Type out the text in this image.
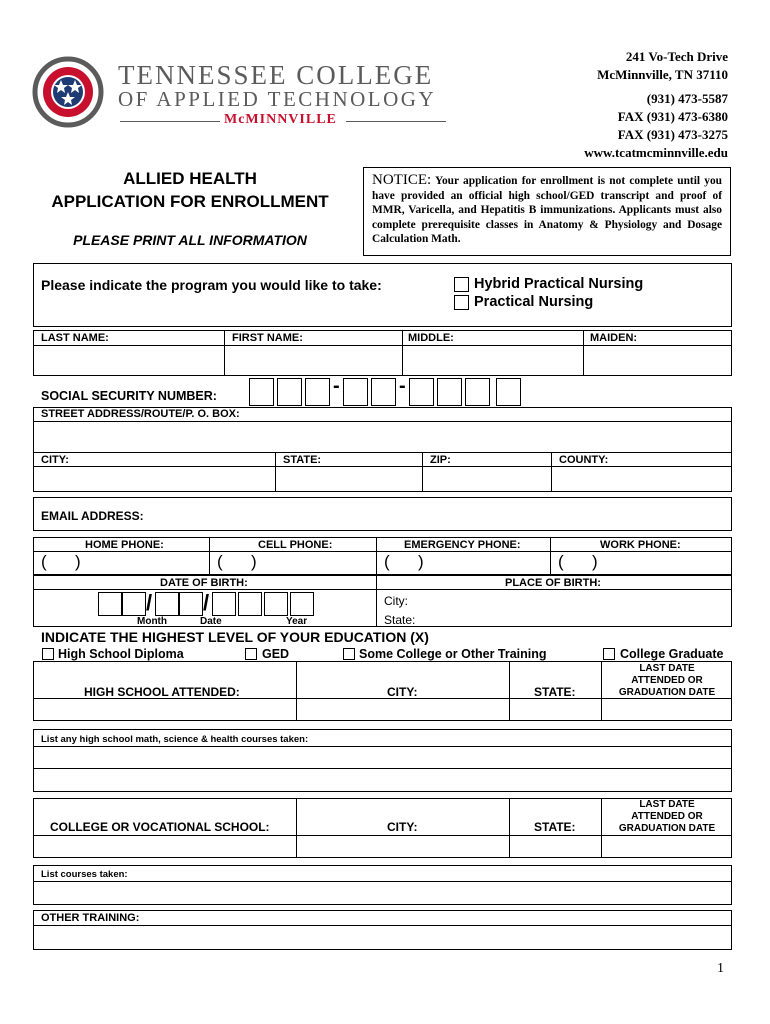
TENNESSEE COLLEGE
OF APPLIED TECHNOLOGY
McMINNVILLE
241 Vo-Tech Drive
McMinnville, TN 37110
(931) 473-5587
FAX (931) 473-6380
FAX (931) 473-3275
www.tcatmcminnville.edu
ALLIED HEALTH
APPLICATION FOR ENROLLMENT
PLEASE PRINT ALL INFORMATION
NOTICE: Your application for enrollment is not complete until you have provided an official high school/GED transcript and proof of MMR, Varicella, and Hepatitis B immunizations. Applicants must also complete prerequisite classes in Anatomy & Physiology and Dosage Calculation Math.
Please indicate the program you would like to take:	Hybrid Practical Nursing
Practical Nursing
LAST NAME:	FIRST NAME:	MIDDLE:	MAIDEN:
SOCIAL SECURITY NUMBER:	-	-
STREET ADDRESS/ROUTE/P. O. BOX:
CITY:	STATE:	ZIP:	COUNTY:
EMAIL ADDRESS:
HOME PHONE:	CELL PHONE:	EMERGENCY PHONE:	WORK PHONE:
( )	( )	( )	( )
DATE OF BIRTH:	PLACE OF BIRTH:
/ /
Month	Date	Year
City:
State:
INDICATE THE HIGHEST LEVEL OF YOUR EDUCATION (X)
High School Diploma	GED	Some College or Other Training	College Graduate
HIGH SCHOOL ATTENDED:	CITY:	STATE:
LAST DATE
ATTENDED OR
GRADUATION DATE
List any high school math, science & health courses taken:
COLLEGE OR VOCATIONAL SCHOOL:	CITY:	STATE:
LAST DATE
ATTENDED OR
GRADUATION DATE
List courses taken:
OTHER TRAINING:
1
